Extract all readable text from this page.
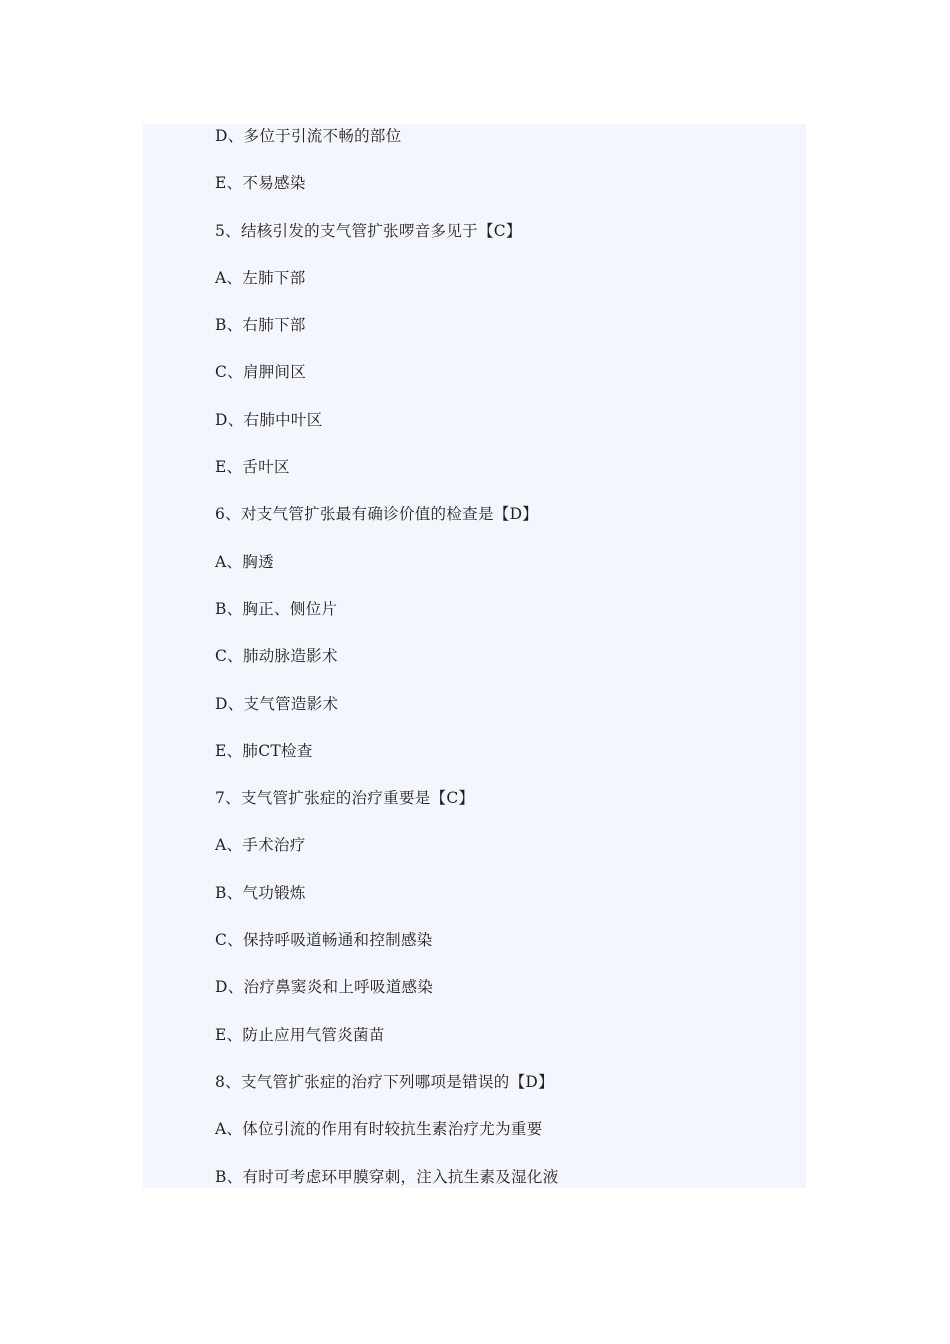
D、多位于引流不畅的部位
E、不易感染
5、结核引发的支气管扩张啰音多见于【C】
A、左肺下部
B、右肺下部
C、肩胛间区
D、右肺中叶区
E、舌叶区
6、对支气管扩张最有确诊价值的检查是【D】
A、胸透
B、胸正、侧位片
C、肺动脉造影术
D、支气管造影术
E、肺CT检查
7、支气管扩张症的治疗重要是【C】
A、手术治疗
B、气功锻炼
C、保持呼吸道畅通和控制感染
D、治疗鼻窦炎和上呼吸道感染
E、防止应用气管炎菌苗
8、支气管扩张症的治疗下列哪项是错误的【D】
A、体位引流的作用有时较抗生素治疗尤为重要
B、有时可考虑环甲膜穿刺，注入抗生素及湿化液
